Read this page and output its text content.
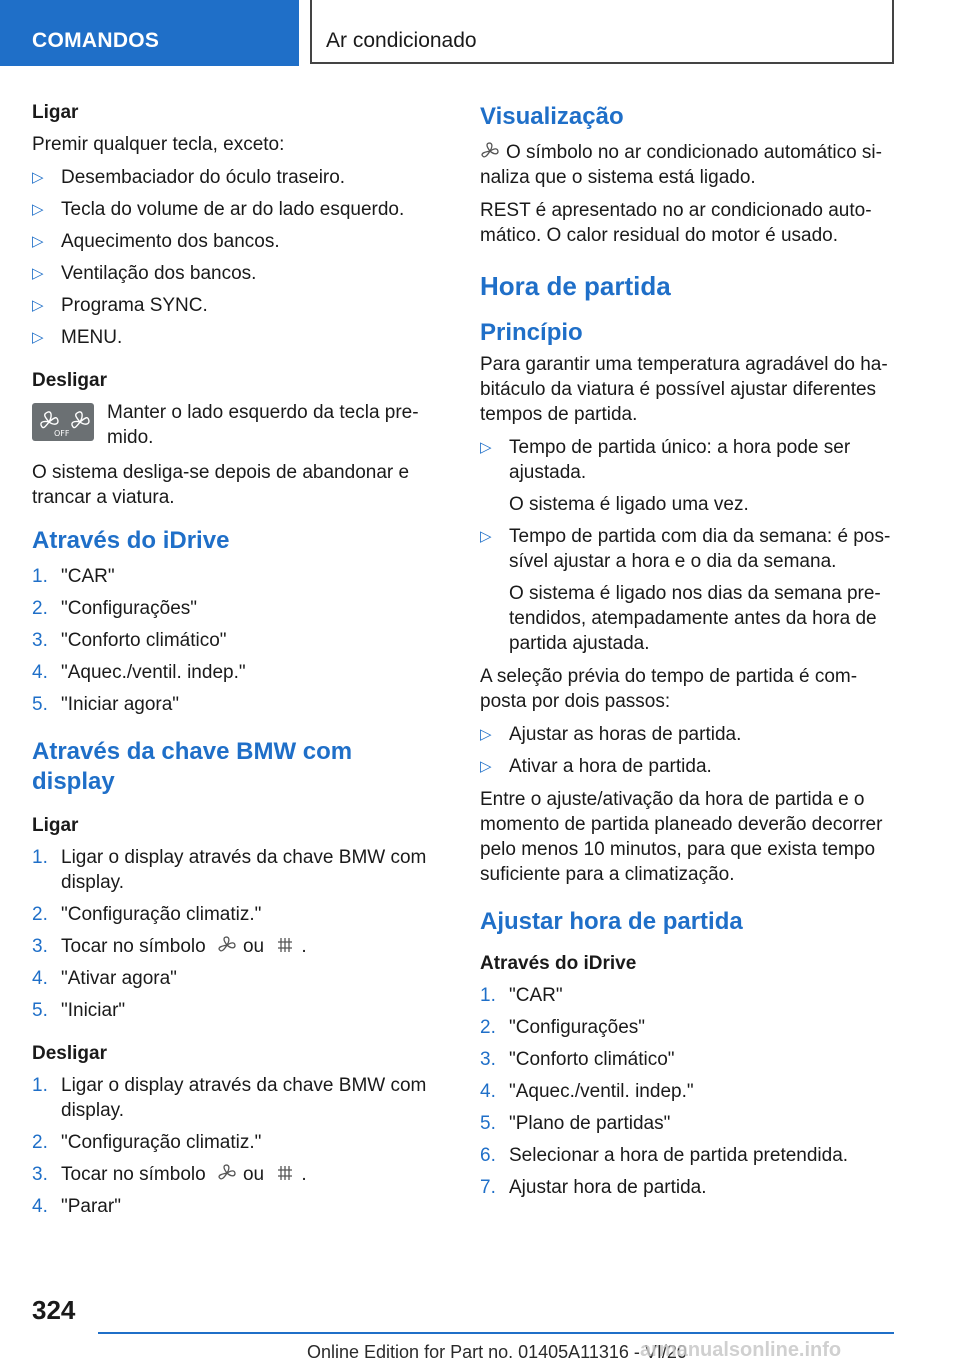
COMANDOS	Ar condicionado

Ligar

Premir qualquer tecla, exceto:

▷ Desembaciador do óculo traseiro.
▷ Tecla do volume de ar do lado esquerdo.
▷ Aquecimento dos bancos.
▷ Ventilação dos bancos.
▷ Programa SYNC.
▷ MENU.

Desligar

OFF
Manter o lado esquerdo da tecla pre-mido.

O sistema desliga-se depois de abandonar e trancar a viatura.

Através do iDrive
1. "CAR"
2. "Configurações"
3. "Conforto climático"
4. "Aquec./ventil. indep."
5. "Iniciar agora"
Através da chave BMW com display

Ligar

1. Ligar o display através da chave BMW com display.
2. "Configuração climatiz."
3. Tocar no símbolo ou .
4. "Ativar agora"
5. "Iniciar"

Desligar

1. Ligar o display através da chave BMW com display.
2. "Configuração climatiz."
3. Tocar no símbolo ou .
4. "Parar"
Visualização

O símbolo no ar condicionado automático si-naliza que o sistema está ligado.

REST é apresentado no ar condicionado auto-mático. O calor residual do motor é usado.

Hora de partida
Princípio

Para garantir uma temperatura agradável do ha-bitáculo da viatura é possível ajustar diferentes tempos de partida.

▷ Tempo de partida único: a hora pode ser ajustada.
O sistema é ligado uma vez.
▷ Tempo de partida com dia da semana: é pos-sível ajustar a hora e o dia da semana.
O sistema é ligado nos dias da semana pre-tendidos, atempadamente antes da hora de partida ajustada.

A seleção prévia do tempo de partida é com-posta por dois passos:

▷ Ajustar as horas de partida.
▷ Ativar a hora de partida.

Entre o ajuste/ativação da hora de partida e o momento de partida planeado deverão decorrer pelo menos 10 minutos, para que exista tempo suficiente para a climatização.

Ajustar hora de partida

Através do iDrive

1. "CAR"
2. "Configurações"
3. "Conforto climático"
4. "Aquec./ventil. indep."
5. "Plano de partidas"
6. Selecionar a hora de partida pretendida.
7. Ajustar hora de partida.
324
Online Edition for Part no. 01405A11316 - VI/20
armanualsonline.info
